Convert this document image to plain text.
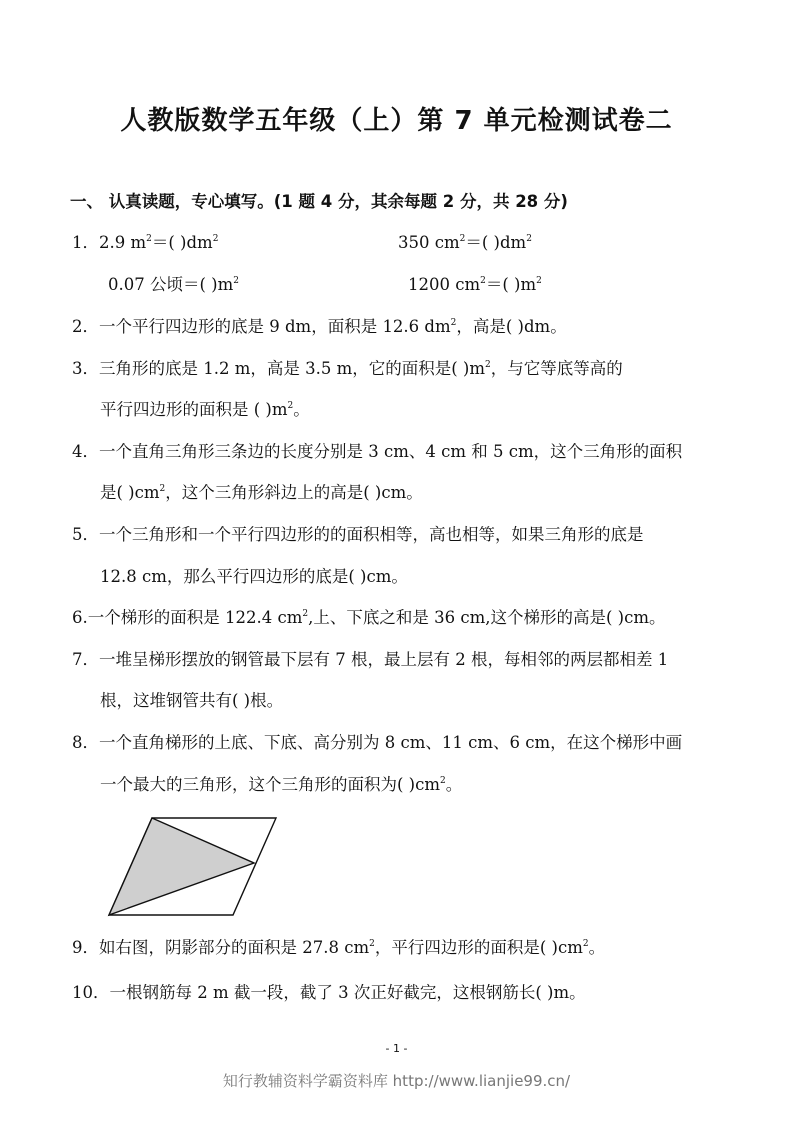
人教版数学五年级（上）第 7 单元检测试卷二
一、 认真读题，专心填写。(1 题 4 分，其余每题 2 分，共 28 分)
1．2.9 $m^2=$( )$dm^2$	350 $cm^2=$( )$dm^2$
0.07 公顷＝( )$m^2$	1200 $cm^2=$( )$m^2$
2．一个平行四边形的底是 9 dm，面积是 12.6 $dm^2$，高是( )dm。
3．三角形的底是 1.2 m，高是 3.5 m，它的面积是( )$m^2$，与它等底等高的
平行四边形的面积是 ( )$m^2$。
4．一个直角三角形三条边的长度分别是 3 cm、4 cm 和 5 cm，这个三角形的面积
是( )$cm^2$，这个三角形斜边上的高是( )cm。
5．一个三角形和一个平行四边形的的面积相等，高也相等，如果三角形的底是
12.8 cm，那么平行四边形的底是( )cm。
6.一个梯形的面积是 122.4 $cm^2$,上、下底之和是 36 cm,这个梯形的高是( )cm。
7．一堆呈梯形摆放的钢管最下层有 7 根，最上层有 2 根，每相邻的两层都相差 1
根，这堆钢管共有( )根。
8．一个直角梯形的上底、下底、高分别为 8 cm、11 cm、6 cm，在这个梯形中画
一个最大的三角形，这个三角形的面积为( )$cm^2$。
9．如右图，阴影部分的面积是 27.8 $cm^2$，平行四边形的面积是( )$cm^2$。
10．一根钢筋每 2 m 截一段，截了 3 次正好截完，这根钢筋长( )m。
- 1 -
知行教辅资料学霸资料库 http://www.lianjie99.cn/
